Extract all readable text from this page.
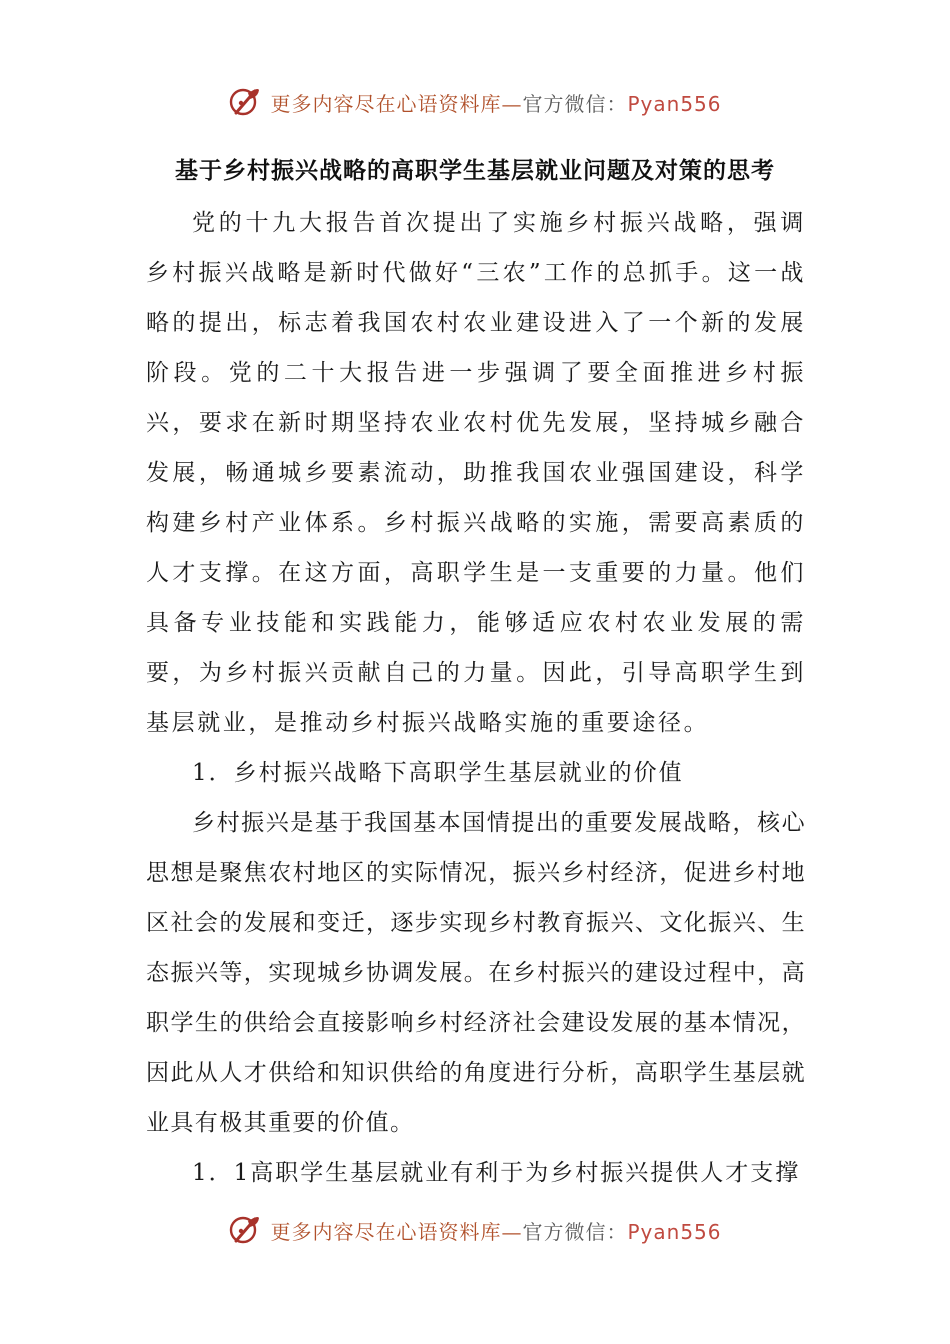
更多内容尽在心语资料库—官方微信：Pyan556
基于乡村振兴战略的高职学生基层就业问题及对策的思考

党的十九大报告首次提出了实施乡村振兴战略，强调乡村振兴战略是新时代做好“三农”工作的总抓手。这一战略的提出，标志着我国农村农业建设进入了一个新的发展阶段。党的二十大报告进一步强调了要全面推进乡村振兴，要求在新时期坚持农业农村优先发展，坚持城乡融合发展，畅通城乡要素流动，助推我国农业强国建设，科学构建乡村产业体系。乡村振兴战略的实施，需要高素质的人才支撑。在这方面，高职学生是一支重要的力量。他们具备专业技能和实践能力，能够适应农村农业发展的需要，为乡村振兴贡献自己的力量。因此，引导高职学生到基层就业，是推动乡村振兴战略实施的重要途径。

1．乡村振兴战略下高职学生基层就业的价值

乡村振兴是基于我国基本国情提出的重要发展战略，核心思想是聚焦农村地区的实际情况，振兴乡村经济，促进乡村地区社会的发展和变迁，逐步实现乡村教育振兴、文化振兴、生态振兴等，实现城乡协调发展。在乡村振兴的建设过程中，高职学生的供给会直接影响乡村经济社会建设发展的基本情况，因此从人才供给和知识供给的角度进行分析，高职学生基层就业具有极其重要的价值。

1．1高职学生基层就业有利于为乡村振兴提供人才支撑

更多内容尽在心语资料库—官方微信：Pyan556
